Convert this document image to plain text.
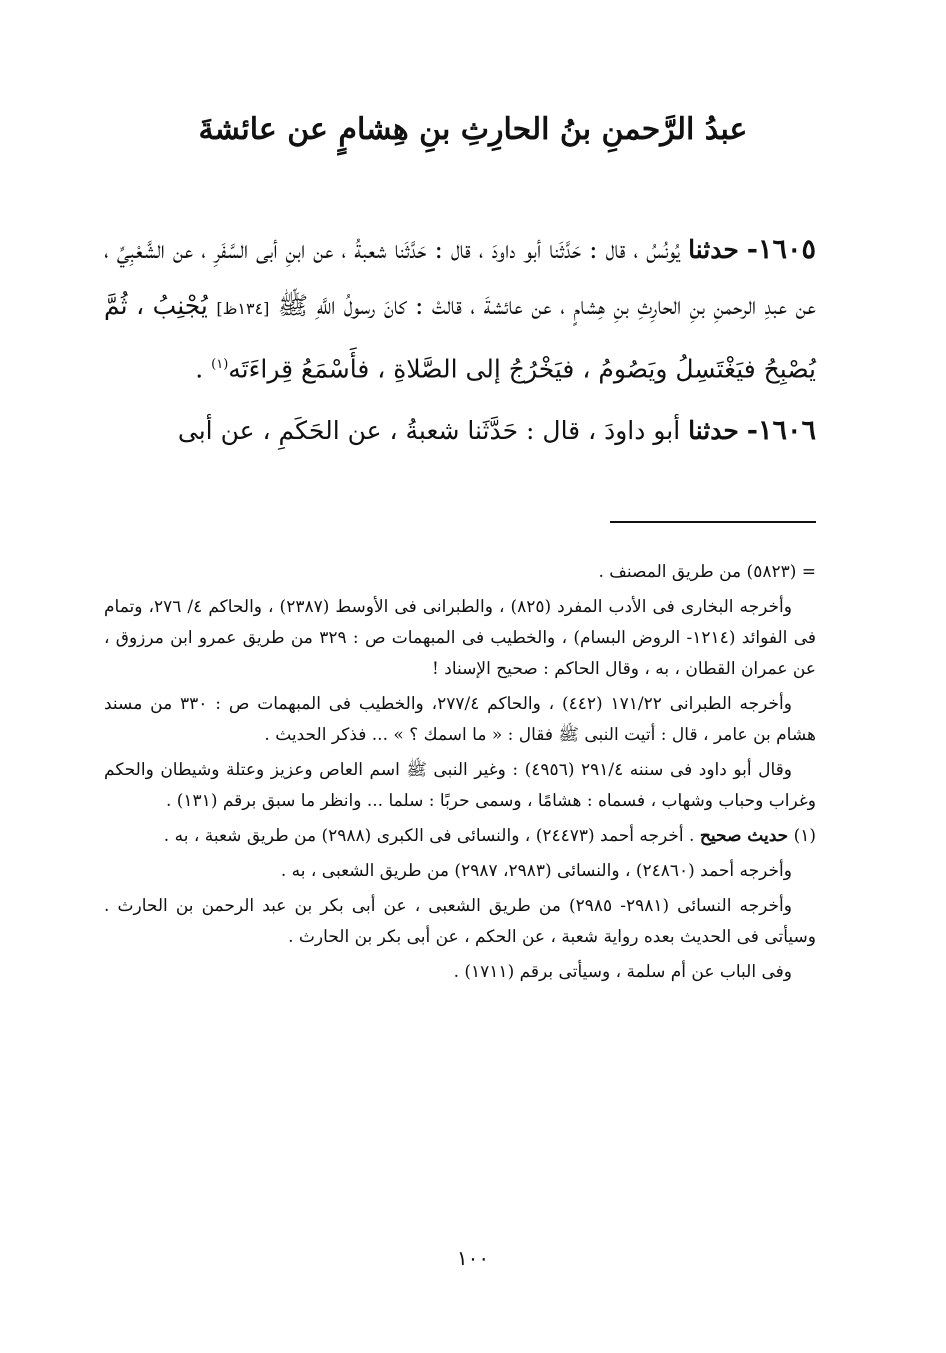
عبدُ الرَّحمنِ بنُ الحارِثِ بنِ هِشامٍ عن عائشةَ

١٦٠٥- حدثنا يُونُسُ ، قال : حَدَّثَنا أبو داودَ ، قال : حَدَّثَنا شعبةُ ، عن ابنِ أبى السَّفَرِ ، عن الشَّعْبِيِّ ، عن عبدِ الرحمنِ بنِ الحارِثِ بنِ هِشامٍ ، عن عائشةَ ، قالتْ : كانَ رسولُ اللَّهِ ﷺ [١٣٤ظ] يُجْنِبُ ، ثُمَّ يُصْبِحُ فيَغْتَسِلُ ويَصُومُ ، فيَخْرُجُ إلى الصَّلاةِ ، فأَسْمَعُ قِراءَتَه$^{(١)}$ .

١٦٠٦- حدثنا أبو داودَ ، قال : حَدَّثَنا شعبةُ ، عن الحَكَمِ ، عن أبى

= (٥٨٢٣) من طريق المصنف .

وأخرجه البخارى فى الأدب المفرد (٨٢٥) ، والطبرانى فى الأوسط (٢٣٨٧) ، والحاكم ٤/ ٢٧٦، وتمام فى الفوائد (١٢١٤- الروض البسام) ، والخطيب فى المبهمات ص : ٣٢٩ من طريق عمرو ابن مرزوق ، عن عمران القطان ، به ، وقال الحاكم : صحيح الإسناد !

وأخرجه الطبرانى ١٧١/٢٢ (٤٤٢) ، والحاكم ٢٧٧/٤، والخطيب فى المبهمات ص : ٣٣٠ من مسند هشام بن عامر ، قال : أتيت النبى ﷺ فقال : « ما اسمك ؟ » ... فذكر الحديث .

وقال أبو داود فى سننه ٢٩١/٤ (٤٩٥٦) : وغير النبى ﷺ اسم العاص وعزيز وعتلة وشيطان والحكم وغراب وحباب وشهاب ، فسماه : هشامًا ، وسمى حربًا : سلما ... وانظر ما سبق برقم (١٣١) .

(١) حديث صحيح . أخرجه أحمد (٢٤٤٧٣) ، والنسائى فى الكبرى (٢٩٨٨) من طريق شعبة ، به .

وأخرجه أحمد (٢٤٨٦٠) ، والنسائى (٢٩٨٣، ٢٩٨٧) من طريق الشعبى ، به .

وأخرجه النسائى (٢٩٨١- ٢٩٨٥) من طريق الشعبى ، عن أبى بكر بن عبد الرحمن بن الحارث . وسيأتى فى الحديث بعده رواية شعبة ، عن الحكم ، عن أبى بكر بن الحارث .

وفى الباب عن أم سلمة ، وسيأتى برقم (١٧١١) .

١٠٠
